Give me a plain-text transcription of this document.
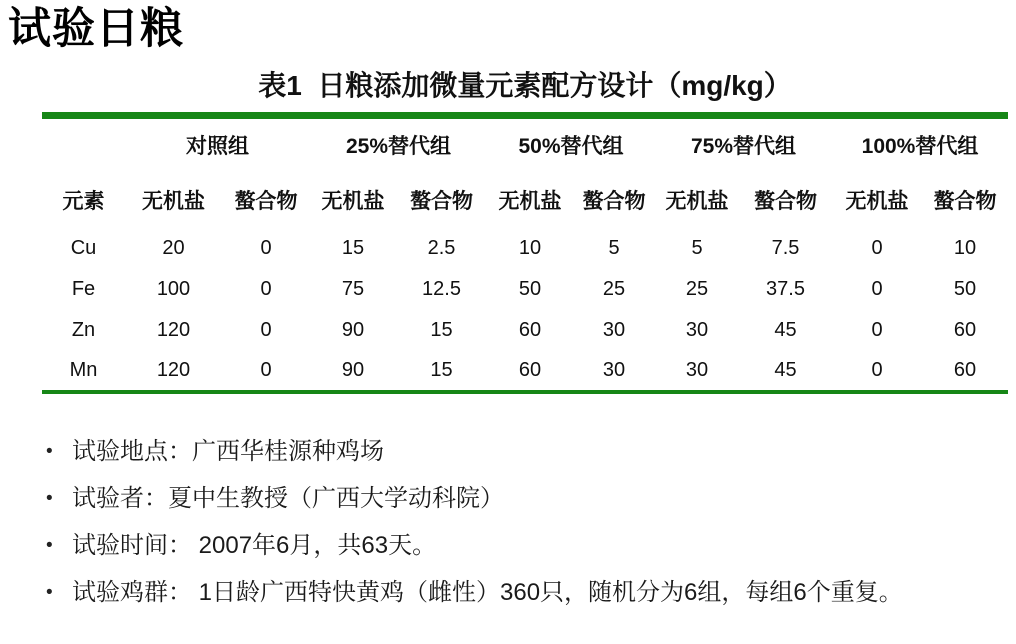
试验日粮
表1  日粮添加微量元素配方设计（mg/kg）
	对照组		25%替代组		50%替代组		75%替代组		100%替代组	
元素	无机盐	螯合物	无机盐	螯合物	无机盐	螯合物	无机盐	螯合物	无机盐	螯合物
Cu	20	0	15	2.5	10	5	5	7.5	0	10
Fe	100	0	75	12.5	50	25	25	37.5	0	50
Zn	120	0	90	15	60	30	30	45	0	60
Mn	120	0	90	15	60	30	30	45	0	60
• 试验地点：广西华桂源种鸡场
• 试验者：夏中生教授（广西大学动科院）
• 试验时间： 2007年6月，共63天。
• 试验鸡群： 1日龄广西特快黄鸡（雌性）360只，随机分为6组，每组6个重复。
